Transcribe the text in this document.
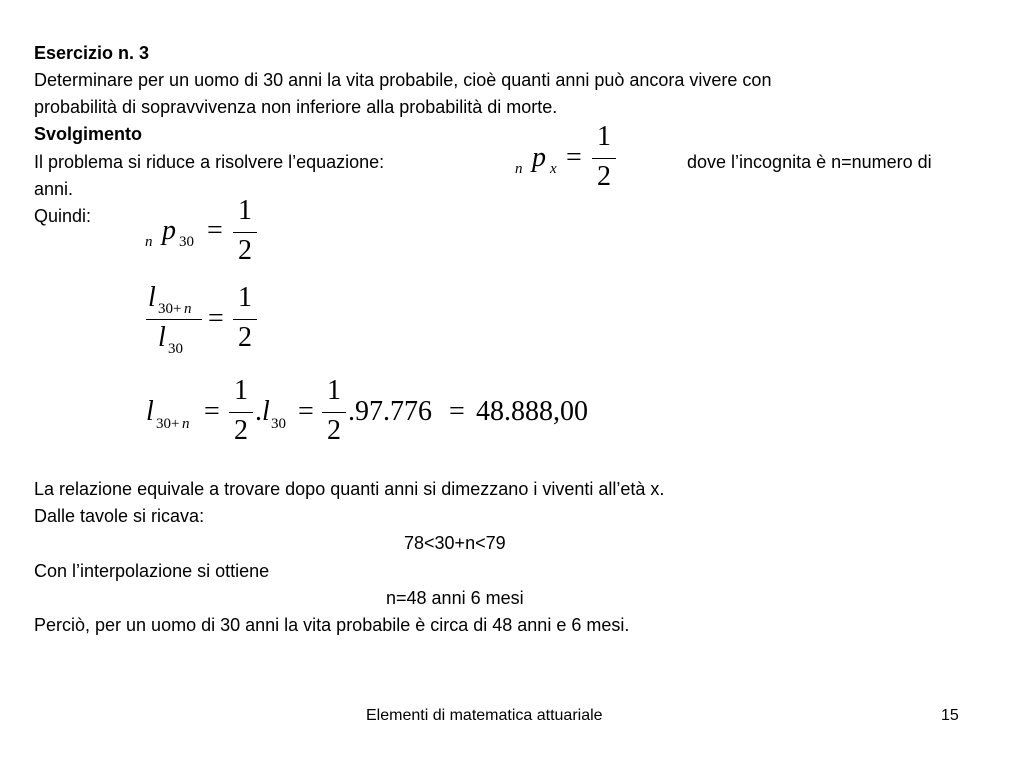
Esercizio n. 3
Determinare per un uomo di 30 anni la vita probabile, cioè quanti anni può ancora vivere con
probabilità di sopravvivenza non inferiore alla probabilità di morte.
Svolgimento
Il problema si riduce a risolvere l’equazione:	n p x =
1
2	dove l’incognita è n=numero di
anni.
Quindi:
n p 30 =
1
2
l 30+ n
l 30
=
1
2
l 30+ n =
1
2
. l 30 =
1
2
.97.776 = 48.888,00
La relazione equivale a trovare dopo quanti anni si dimezzano i viventi all’età x.
Dalle tavole si ricava:
78<30+n<79
Con l’interpolazione si ottiene
n=48 anni 6 mesi
Perciò, per un uomo di 30 anni la vita probabile è circa di 48 anni e 6 mesi.
Elementi di matematica attuariale	15
